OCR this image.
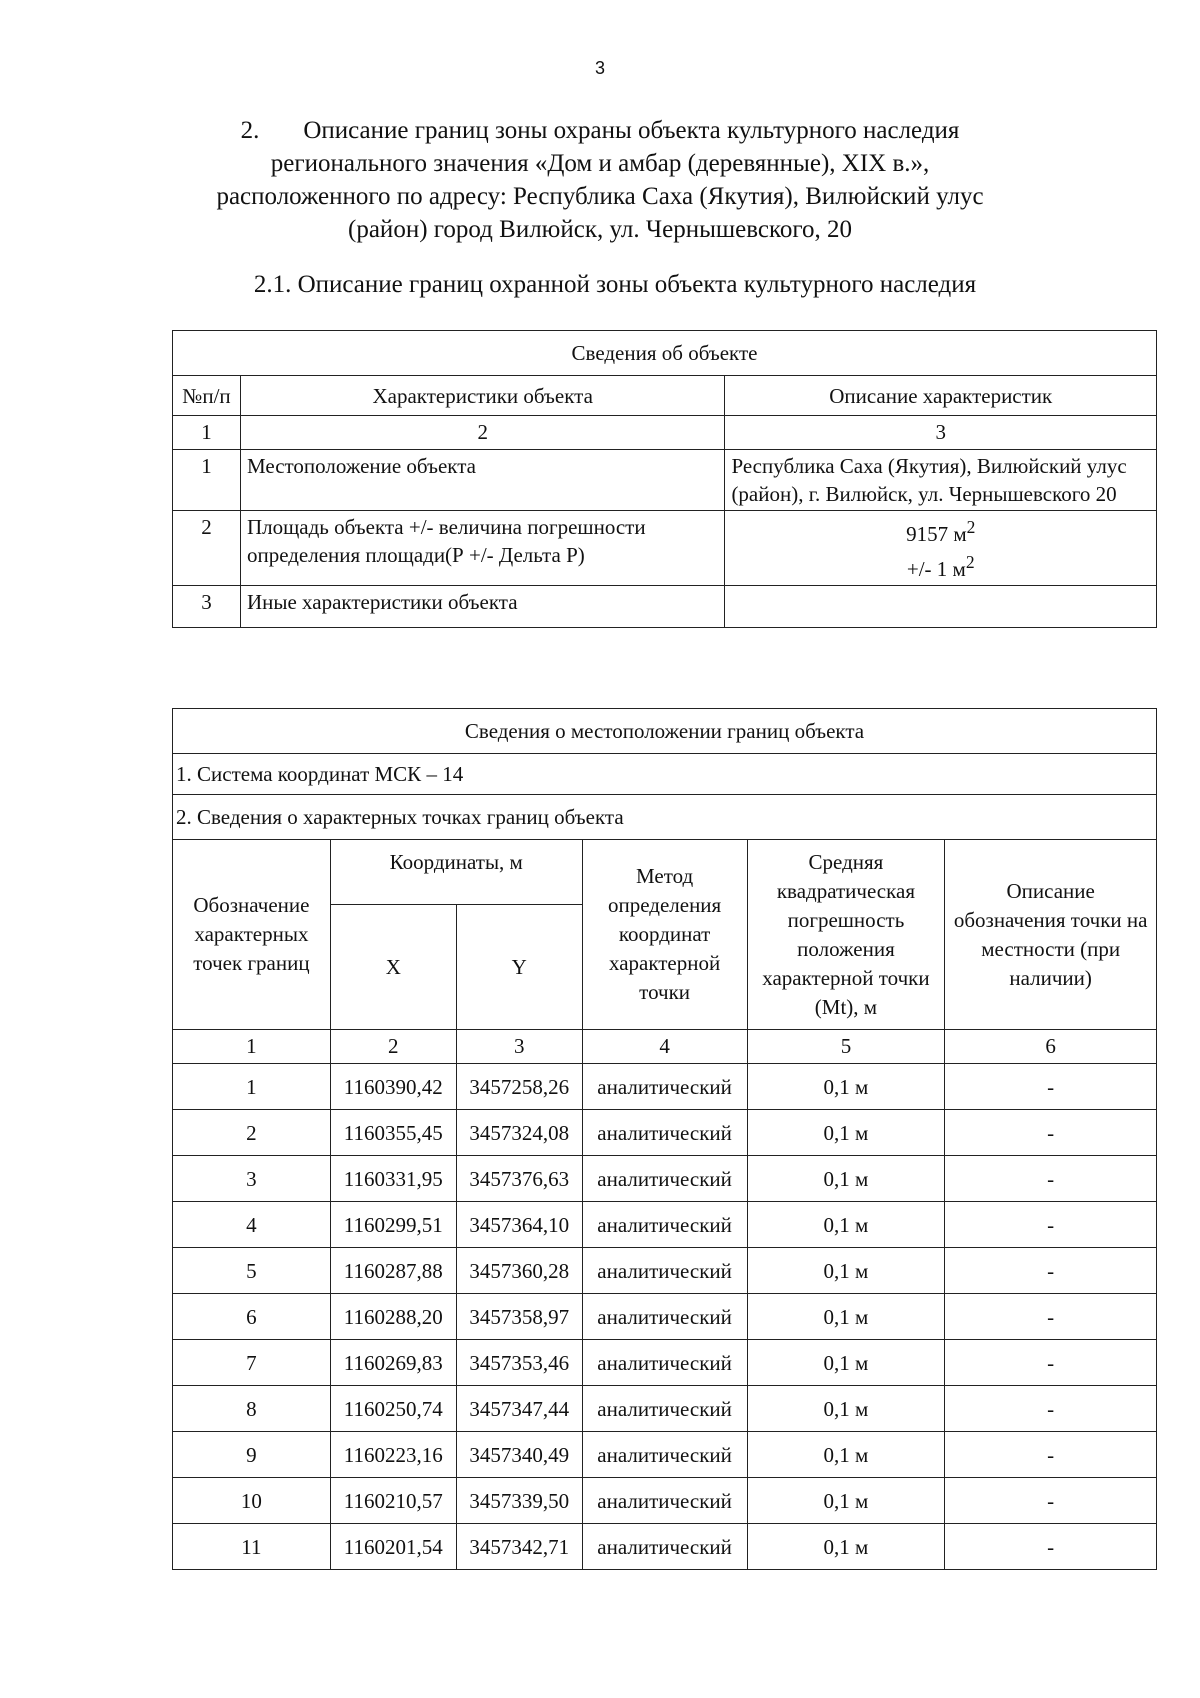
3
2. Описание границ зоны охраны объекта культурного наследия
регионального значения «Дом и амбар (деревянные), XIX в.»,
расположенного по адресу: Республика Саха (Якутия), Вилюйский улус
(район) город Вилюйск, ул. Чернышевского, 20
2.1. Описание границ охранной зоны объекта культурного наследия
Сведения об объекте		
№п/п	Характеристики объекта	Описание характеристик
1	2	3
1	Местоположение объекта	Республика Саха (Якутия), Вилюйский улус (район), г. Вилюйск, ул. Чернышевского 20
2	Площадь объекта +/- величина погрешности определения площади(Р +/- Дельта Р)	9157 $м^2$
+/- 1 $м^2$

3	Иные характеристики объекта	
Сведения о местоположении границ объекта					
1. Система координат МСК – 14					
2. Сведения о характерных точках границ объекта					
Обозначение характерных точек границ	Координаты, м		Метод определения координат характерной точки	Средняя квадратическая погрешность положения характерной точки (Mt), м	Описание обозначения точки на местности (при наличии)
	X	Y			
1	2	3	4	5	6
1	1160390,42	3457258,26	аналитический	0,1 м	-
2	1160355,45	3457324,08	аналитический	0,1 м	-
3	1160331,95	3457376,63	аналитический	0,1 м	-
4	1160299,51	3457364,10	аналитический	0,1 м	-
5	1160287,88	3457360,28	аналитический	0,1 м	-
6	1160288,20	3457358,97	аналитический	0,1 м	-
7	1160269,83	3457353,46	аналитический	0,1 м	-
8	1160250,74	3457347,44	аналитический	0,1 м	-
9	1160223,16	3457340,49	аналитический	0,1 м	-
10	1160210,57	3457339,50	аналитический	0,1 м	-
11	1160201,54	3457342,71	аналитический	0,1 м	-
